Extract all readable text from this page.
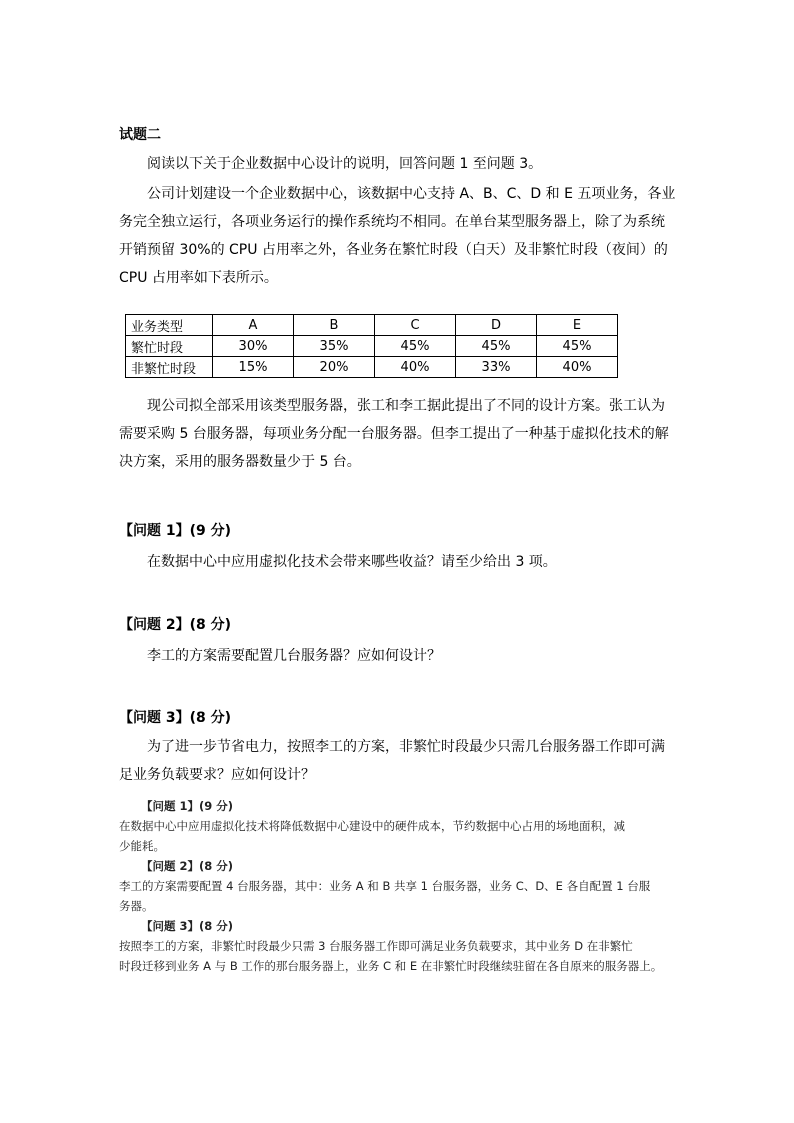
试题二
阅读以下关于企业数据中心设计的说明，回答问题 1 至问题 3。
公司计划建设一个企业数据中心，该数据中心支持 A、B、C、D 和 E 五项业务，各业
务完全独立运行，各项业务运行的操作系统均不相同。在单台某型服务器上，除了为系统
开销预留 30%的 CPU 占用率之外，各业务在繁忙时段（白天）及非繁忙时段（夜间）的
CPU 占用率如下表所示。
业务类型	A	B	C	D	E
繁忙时段	30%	35%	45%	45%	45%
非繁忙时段	15%	20%	40%	33%	40%
现公司拟全部采用该类型服务器，张工和李工据此提出了不同的设计方案。张工认为
需要采购 5 台服务器，每项业务分配一台服务器。但李工提出了一种基于虚拟化技术的解
决方案，采用的服务器数量少于 5 台。
【问题 1】(9 分)
在数据中心中应用虚拟化技术会带来哪些收益？请至少给出 3 项。
【问题 2】(8 分)
李工的方案需要配置几台服务器？应如何设计？
【问题 3】(8 分)
为了进一步节省电力，按照李工的方案，非繁忙时段最少只需几台服务器工作即可满
足业务负载要求？应如何设计？
【问题 1】(9 分)
在数据中心中应用虚拟化技术将降低数据中心建设中的硬件成本，节约数据中心占用的场地面积，减
少能耗。
【问题 2】(8 分)
李工的方案需要配置 4 台服务器，其中：业务 A 和 B 共享 1 台服务器，业务 C、D、E 各自配置 1 台服
务器。
【问题 3】(8 分)
按照李工的方案，非繁忙时段最少只需 3 台服务器工作即可满足业务负载要求，其中业务 D 在非繁忙
时段迁移到业务 A 与 B 工作的那台服务器上，业务 C 和 E 在非繁忙时段继续驻留在各自原来的服务器上。
